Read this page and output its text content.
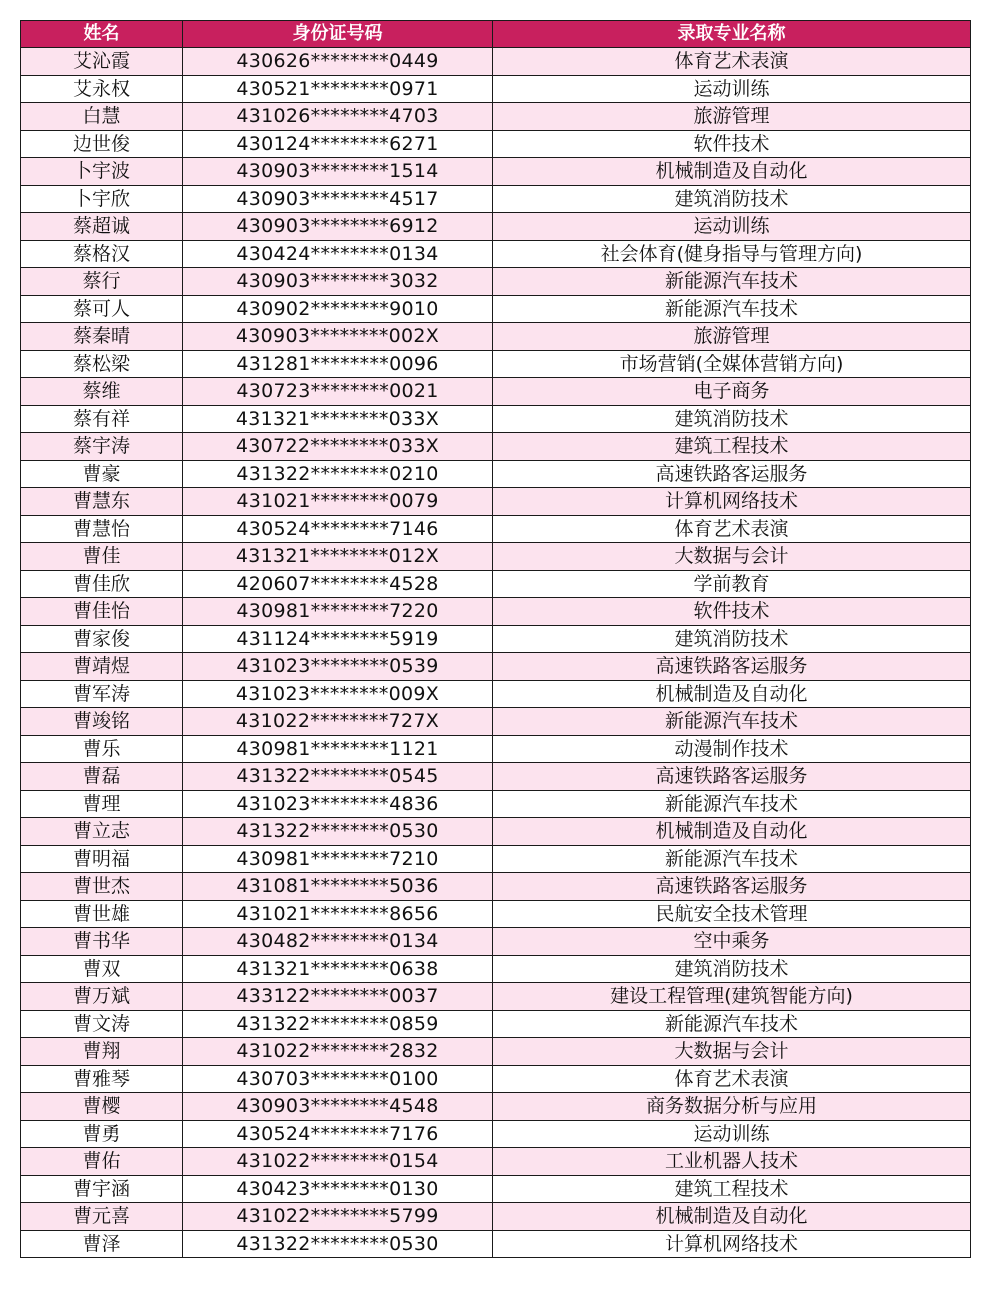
姓名	身份证号码	录取专业名称
艾沁霞	430626********0449	体育艺术表演
艾永权	430521********0971	运动训练
白慧	431026********4703	旅游管理
边世俊	430124********6271	软件技术
卜宇波	430903********1514	机械制造及自动化
卜宇欣	430903********4517	建筑消防技术
蔡超诚	430903********6912	运动训练
蔡格汉	430424********0134	社会体育(健身指导与管理方向)
蔡行	430903********3032	新能源汽车技术
蔡可人	430902********9010	新能源汽车技术
蔡秦晴	430903********002X	旅游管理
蔡松梁	431281********0096	市场营销(全媒体营销方向)
蔡维	430723********0021	电子商务
蔡有祥	431321********033X	建筑消防技术
蔡宇涛	430722********033X	建筑工程技术
曹豪	431322********0210	高速铁路客运服务
曹慧东	431021********0079	计算机网络技术
曹慧怡	430524********7146	体育艺术表演
曹佳	431321********012X	大数据与会计
曹佳欣	420607********4528	学前教育
曹佳怡	430981********7220	软件技术
曹家俊	431124********5919	建筑消防技术
曹靖煜	431023********0539	高速铁路客运服务
曹军涛	431023********009X	机械制造及自动化
曹竣铭	431022********727X	新能源汽车技术
曹乐	430981********1121	动漫制作技术
曹磊	431322********0545	高速铁路客运服务
曹理	431023********4836	新能源汽车技术
曹立志	431322********0530	机械制造及自动化
曹明福	430981********7210	新能源汽车技术
曹世杰	431081********5036	高速铁路客运服务
曹世雄	431021********8656	民航安全技术管理
曹书华	430482********0134	空中乘务
曹双	431321********0638	建筑消防技术
曹万斌	433122********0037	建设工程管理(建筑智能方向)
曹文涛	431322********0859	新能源汽车技术
曹翔	431022********2832	大数据与会计
曹雅琴	430703********0100	体育艺术表演
曹樱	430903********4548	商务数据分析与应用
曹勇	430524********7176	运动训练
曹佑	431022********0154	工业机器人技术
曹宇涵	430423********0130	建筑工程技术
曹元喜	431022********5799	机械制造及自动化
曹泽	431322********0530	计算机网络技术
